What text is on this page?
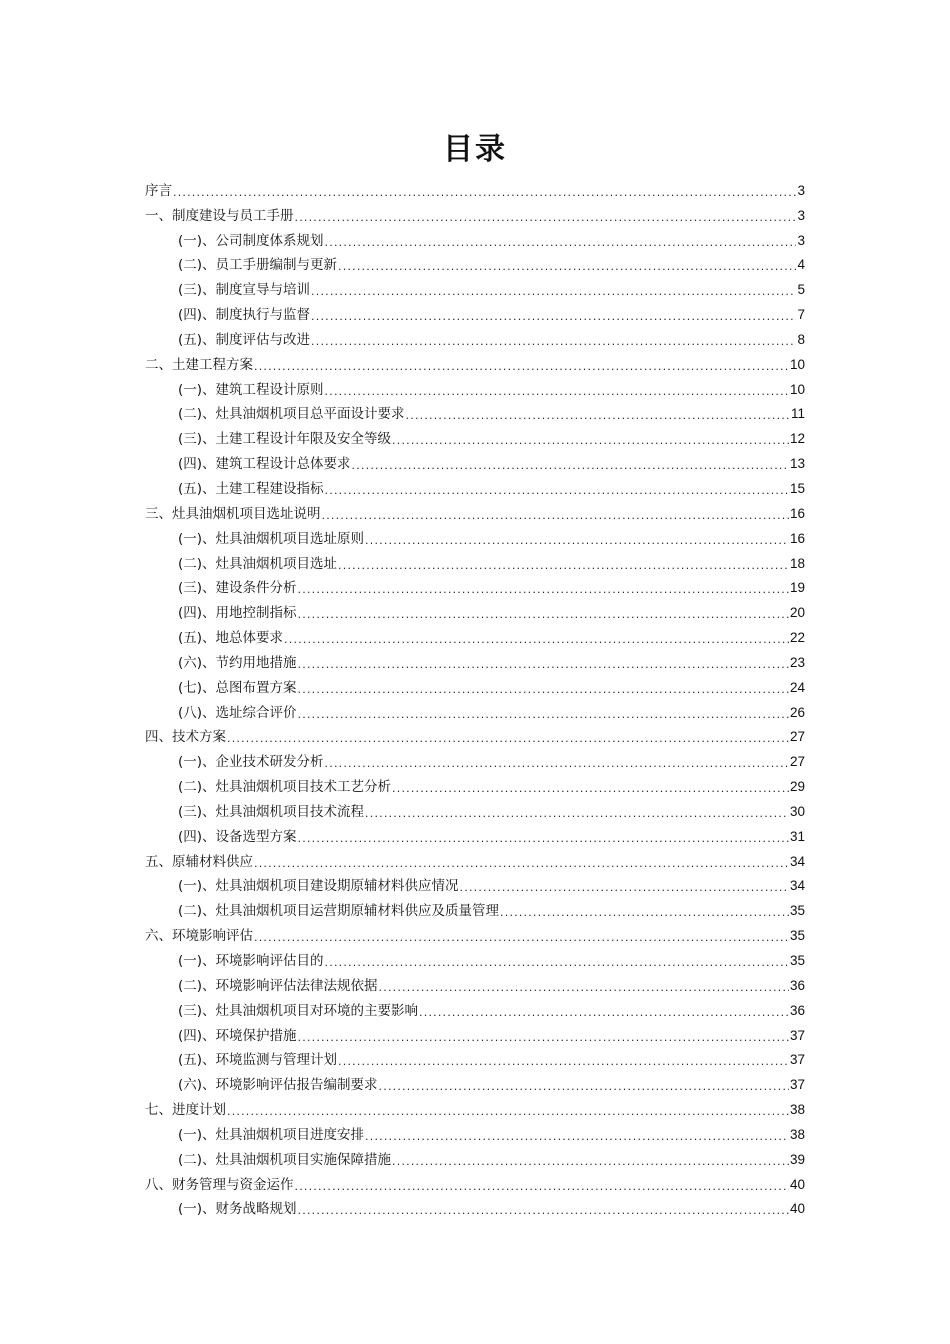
目录
序言 .....	3
一、制度建设与员工手册 .....	3
(一)、公司制度体系规划 .....	3
(二)、员工手册编制与更新 .....	4
(三)、制度宣导与培训 .....	5
(四)、制度执行与监督 .....	7
(五)、制度评估与改进 .....	8
二、土建工程方案 .....	10
(一)、建筑工程设计原则 .....	10
(二)、灶具油烟机项目总平面设计要求 .....	11
(三)、土建工程设计年限及安全等级 .....	12
(四)、建筑工程设计总体要求 .....	13
(五)、土建工程建设指标 .....	15
三、灶具油烟机项目选址说明 .....	16
(一)、灶具油烟机项目选址原则 .....	16
(二)、灶具油烟机项目选址 .....	18
(三)、建设条件分析 .....	19
(四)、用地控制指标 .....	20
(五)、地总体要求 .....	22
(六)、节约用地措施 .....	23
(七)、总图布置方案 .....	24
(八)、选址综合评价 .....	26
四、技术方案 .....	27
(一)、企业技术研发分析 .....	27
(二)、灶具油烟机项目技术工艺分析 .....	29
(三)、灶具油烟机项目技术流程 .....	30
(四)、设备选型方案 .....	31
五、原辅材料供应 .....	34
(一)、灶具油烟机项目建设期原辅材料供应情况 .....	34
(二)、灶具油烟机项目运营期原辅材料供应及质量管理 .....	35
六、环境影响评估 .....	35
(一)、环境影响评估目的 .....	35
(二)、环境影响评估法律法规依据 .....	36
(三)、灶具油烟机项目对环境的主要影响 .....	36
(四)、环境保护措施 .....	37
(五)、环境监测与管理计划 .....	37
(六)、环境影响评估报告编制要求 .....	37
七、进度计划 .....	38
(一)、灶具油烟机项目进度安排 .....	38
(二)、灶具油烟机项目实施保障措施 .....	39
八、财务管理与资金运作 .....	40
(一)、财务战略规划 .....	40
